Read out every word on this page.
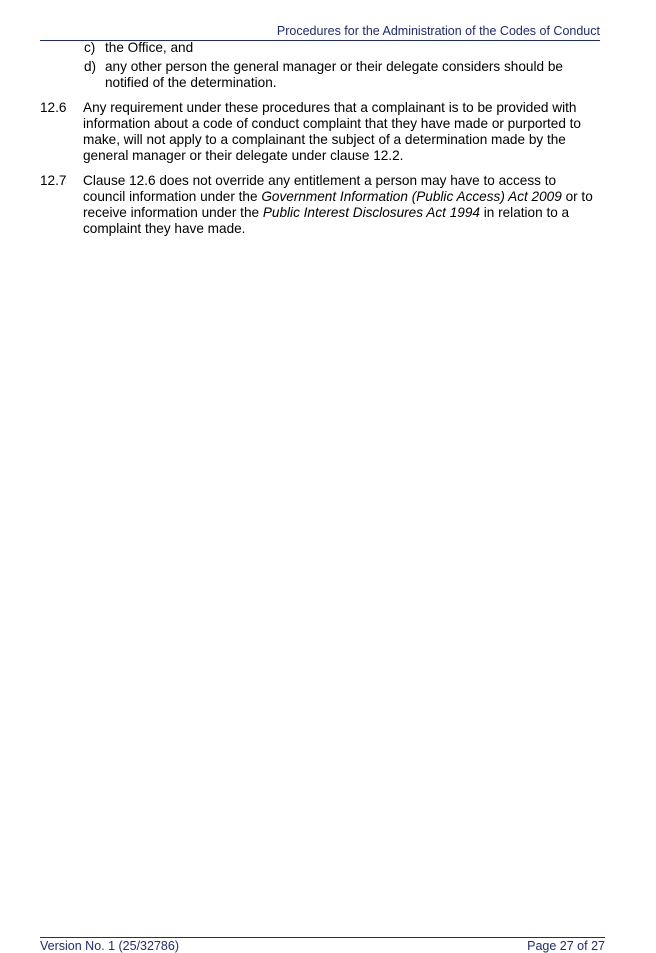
Procedures for the Administration of the Codes of Conduct
c) the Office, and
d) any other person the general manager or their delegate considers should be notified of the determination.
12.6 Any requirement under these procedures that a complainant is to be provided with information about a code of conduct complaint that they have made or purported to make, will not apply to a complainant the subject of a determination made by the general manager or their delegate under clause 12.2.
12.7 Clause 12.6 does not override any entitlement a person may have to access to council information under the Government Information (Public Access) Act 2009 or to receive information under the Public Interest Disclosures Act 1994 in relation to a complaint they have made.
Version No. 1 (25/32786)	Page 27 of 27
